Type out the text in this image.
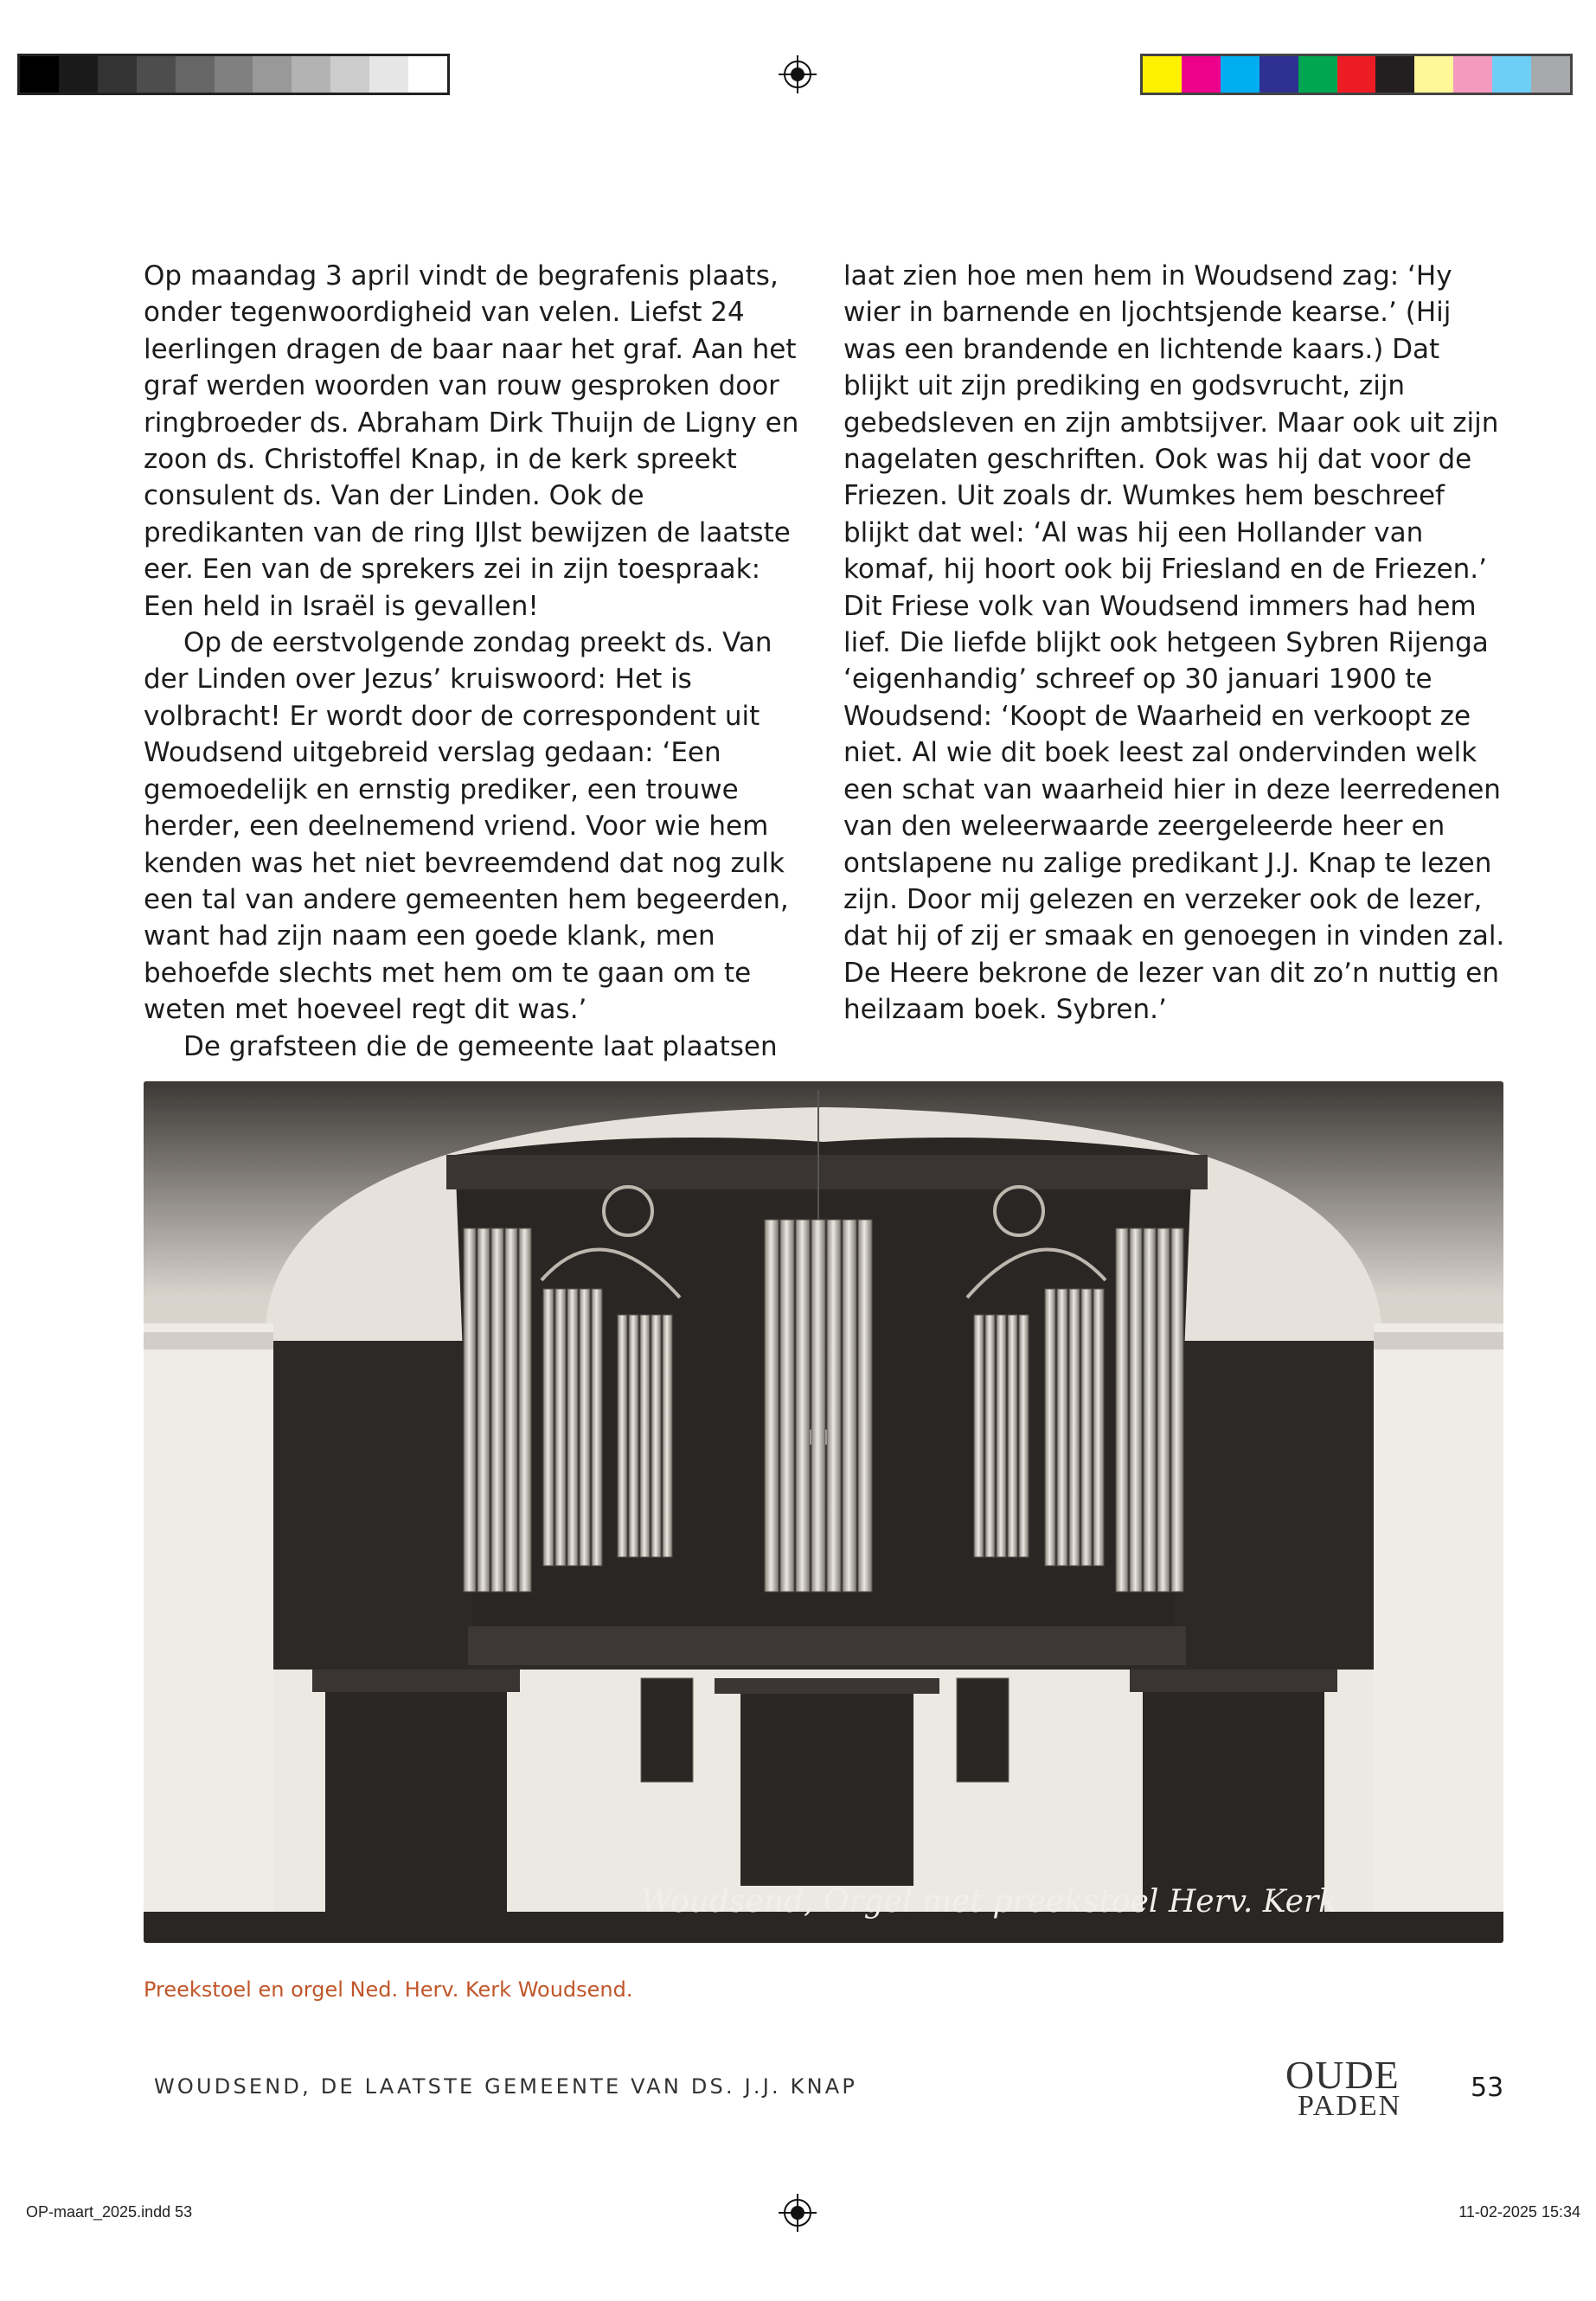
Op maandag 3 april vindt de begrafenis plaats, onder tegenwoordigheid van velen. Liefst 24 leerlingen dragen de baar naar het graf. Aan het graf werden woorden van rouw gesproken door ringbroeder ds. Abraham Dirk Thuijn de Ligny en zoon ds. Christoffel Knap, in de kerk spreekt consulent ds. Van der Linden. Ook de predikanten van de ring IJlst bewijzen de laatste eer. Een van de sprekers zei in zijn toespraak: Een held in Israël is gevallen!

Op de eerstvolgende zondag preekt ds. Van der Linden over Jezus’ kruiswoord: Het is volbracht! Er wordt door de correspondent uit Woudsend uitgebreid verslag gedaan: ‘Een gemoedelijk en ernstig prediker, een trouwe herder, een deelnemend vriend. Voor wie hem kenden was het niet bevreemdend dat nog zulk een tal van andere gemeenten hem begeerden, want had zijn naam een goede klank, men behoefde slechts met hem om te gaan om te weten met hoeveel regt dit was.’

De grafsteen die de gemeente laat plaatsen

laat zien hoe men hem in Woudsend zag: ‘Hy wier in barnende en ljochtsjende kearse.’ (Hij was een brandende en lichtende kaars.) Dat blijkt uit zijn prediking en godsvrucht, zijn gebedsleven en zijn ambtsijver. Maar ook uit zijn nagelaten geschriften. Ook was hij dat voor de Friezen. Uit zoals dr. Wumkes hem beschreef blijkt dat wel: ‘Al was hij een Hollander van komaf, hij hoort ook bij Friesland en de Friezen.’ Dit Friese volk van Woudsend immers had hem lief. Die liefde blijkt ook hetgeen Sybren Rijenga ‘eigenhandig’ schreef op 30 januari 1900 te Woudsend: ‘Koopt de Waarheid en verkoopt ze niet. Al wie dit boek leest zal ondervinden welk een schat van waarheid hier in deze leerredenen van den weleerwaarde zeergeleerde heer en ontslapene nu zalige predikant J.J. Knap te lezen zijn. Door mij gelezen en verzeker ook de lezer, dat hij of zij er smaak en genoegen in vinden zal. De Heere bekrone de lezer van dit zo’n nuttig en heilzaam boek. Sybren.’

Woudsend, Orgel met preekstoel Herv. Kerk
Preekstoel en orgel Ned. Herv. Kerk Woudsend.
WOUDSEND, DE LAATSTE GEMEENTE VAN DS. J.J. KNAP	OUDE
PADEN
53
OP-maart_2025.indd 53	11-02-2025 15:34
